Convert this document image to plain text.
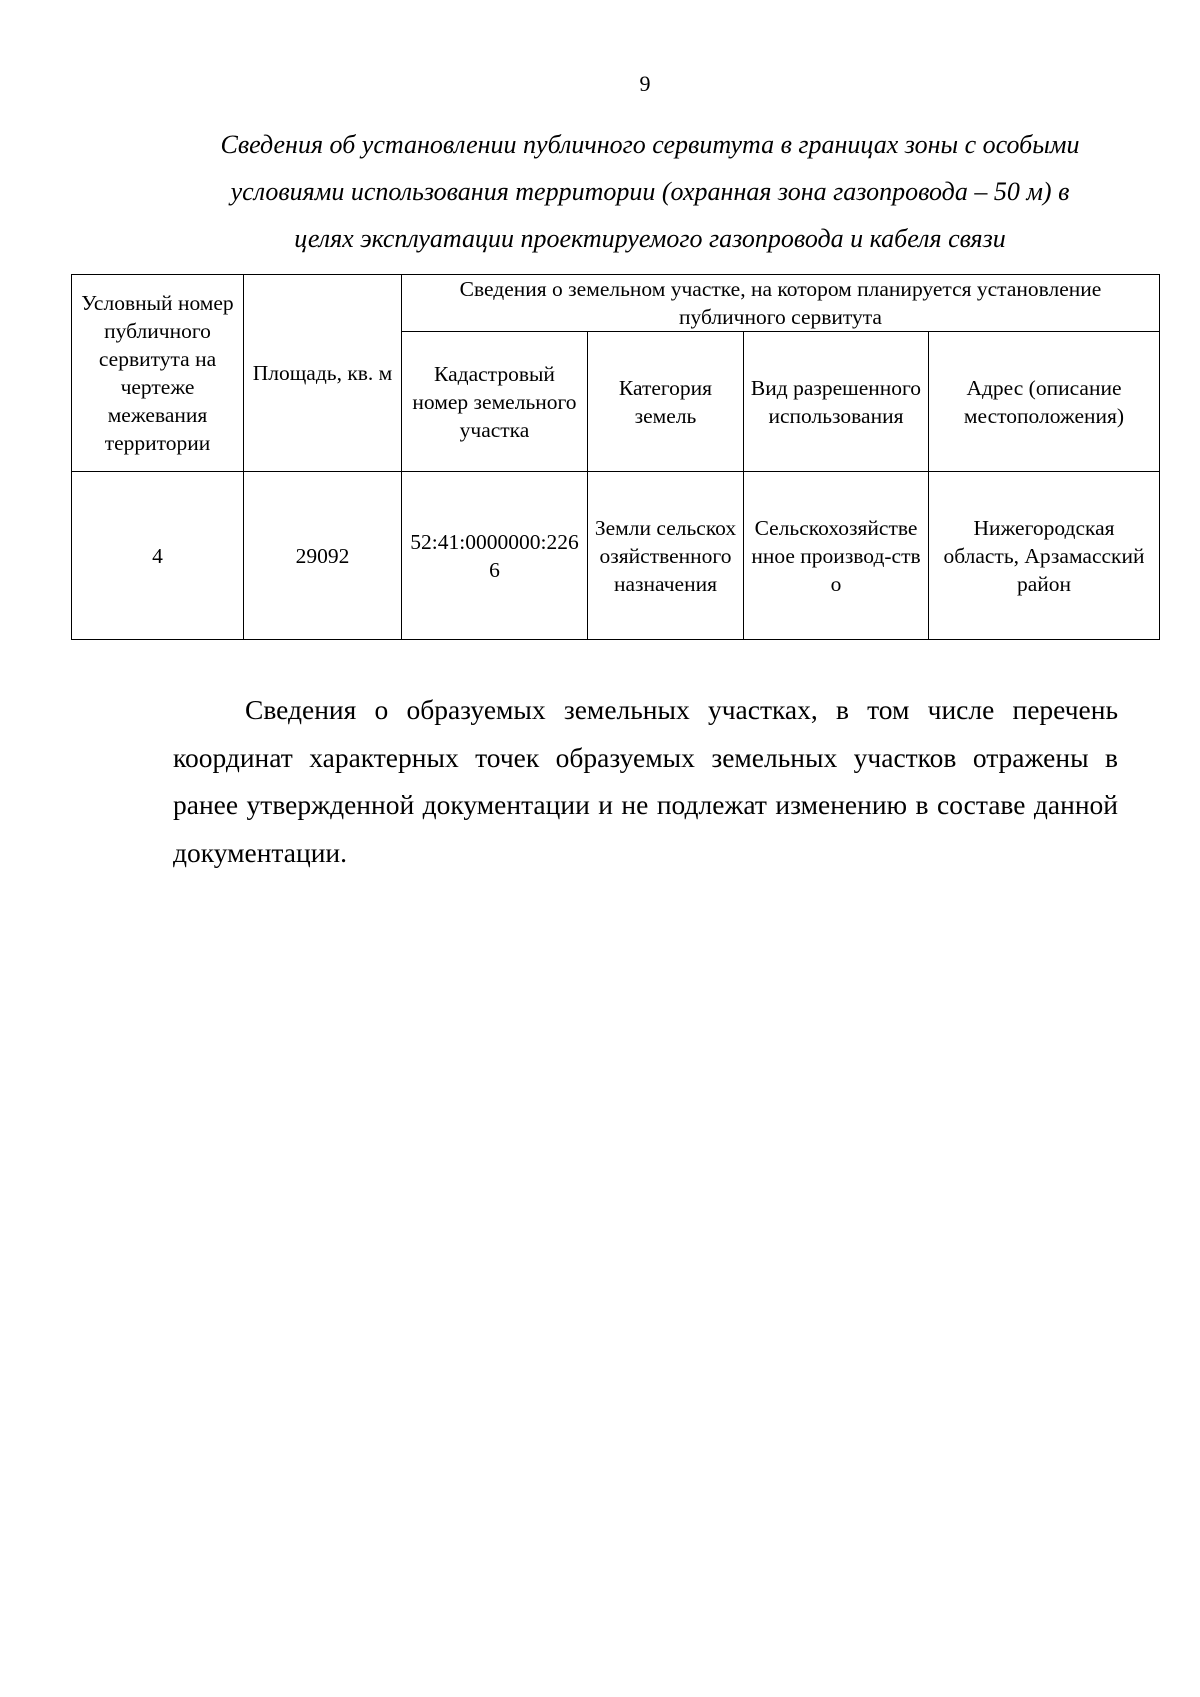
9
Сведения об установлении публичного сервитута в границах зоны с особыми
условиями использования территории (охранная зона газопровода – 50 м) в
целях эксплуатации проектируемого газопровода и кабеля связи
Условный номер публичного сервитута на чертеже межевания территории	Площадь, кв. м	Сведения о земельном участке, на котором планируется установление публичного сервитута			
		Кадастровый номер земельного участка	Категория земель	Вид разрешенного использования	Адрес (описание местоположения)
4	29092	52:41:0000000:2266	Земли сельскохозяйственного назначения	Сельскохозяйственное производ-ство	Нижегородская область, Арзамасский район

Сведения о образуемых земельных участках, в том числе перечень координат характерных точек образуемых земельных участков отражены в ранее утвержденной документации и не подлежат изменению в составе данной документации.
